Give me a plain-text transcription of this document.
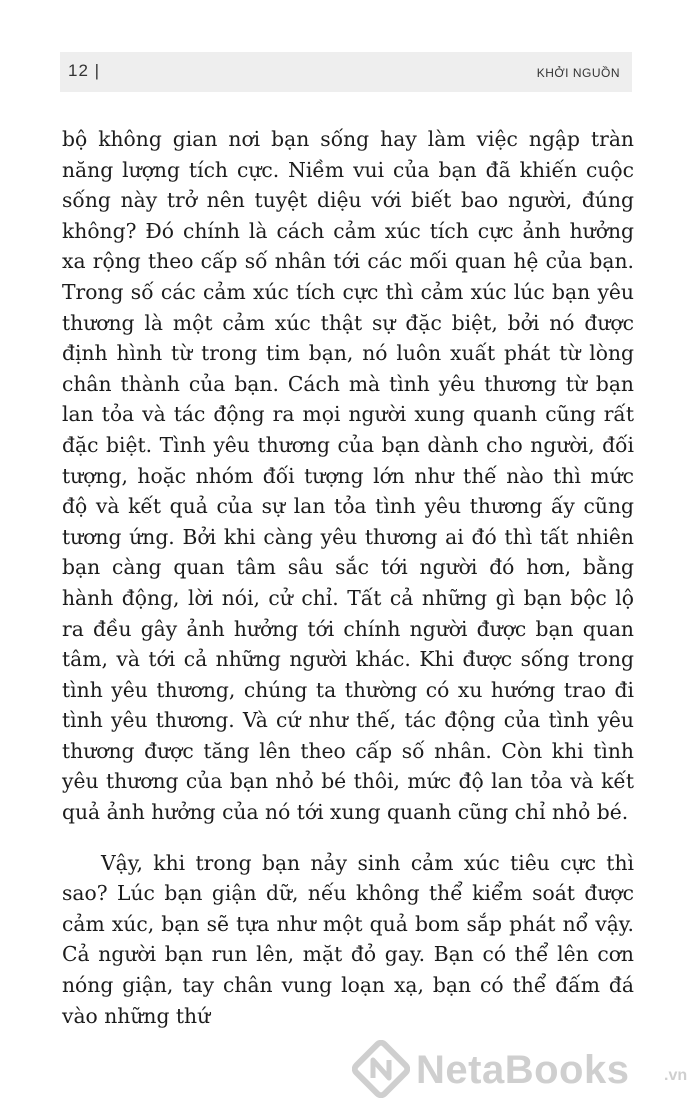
12 |	KHỞI NGUỒN

bộ không gian nơi bạn sống hay làm việc ngập tràn năng lượng tích cực. Niềm vui của bạn đã khiến cuộc sống này trở nên tuyệt diệu với biết bao người, đúng không? Đó chính là cách cảm xúc tích cực ảnh hưởng xa rộng theo cấp số nhân tới các mối quan hệ của bạn. Trong số các cảm xúc tích cực thì cảm xúc lúc bạn yêu thương là một cảm xúc thật sự đặc biệt, bởi nó được định hình từ trong tim bạn, nó luôn xuất phát từ lòng chân thành của bạn. Cách mà tình yêu thương từ bạn lan tỏa và tác động ra mọi người xung quanh cũng rất đặc biệt. Tình yêu thương của bạn dành cho người, đối tượng, hoặc nhóm đối tượng lớn như thế nào thì mức độ và kết quả của sự lan tỏa tình yêu thương ấy cũng tương ứng. Bởi khi càng yêu thương ai đó thì tất nhiên bạn càng quan tâm sâu sắc tới người đó hơn, bằng hành động, lời nói, cử chỉ. Tất cả những gì bạn bộc lộ ra đều gây ảnh hưởng tới chính người được bạn quan tâm, và tới cả những người khác. Khi được sống trong tình yêu thương, chúng ta thường có xu hướng trao đi tình yêu thương. Và cứ như thế, tác động của tình yêu thương được tăng lên theo cấp số nhân. Còn khi tình yêu thương của bạn nhỏ bé thôi, mức độ lan tỏa và kết quả ảnh hưởng của nó tới xung quanh cũng chỉ nhỏ bé.

Vậy, khi trong bạn nảy sinh cảm xúc tiêu cực thì sao? Lúc bạn giận dữ, nếu không thể kiểm soát được cảm xúc, bạn sẽ tựa như một quả bom sắp phát nổ vậy. Cả người bạn run lên, mặt đỏ gay. Bạn có thể lên cơn nóng giận, tay chân vung loạn xạ, bạn có thể đấm đá vào những thứ

NetaBooks .vn
